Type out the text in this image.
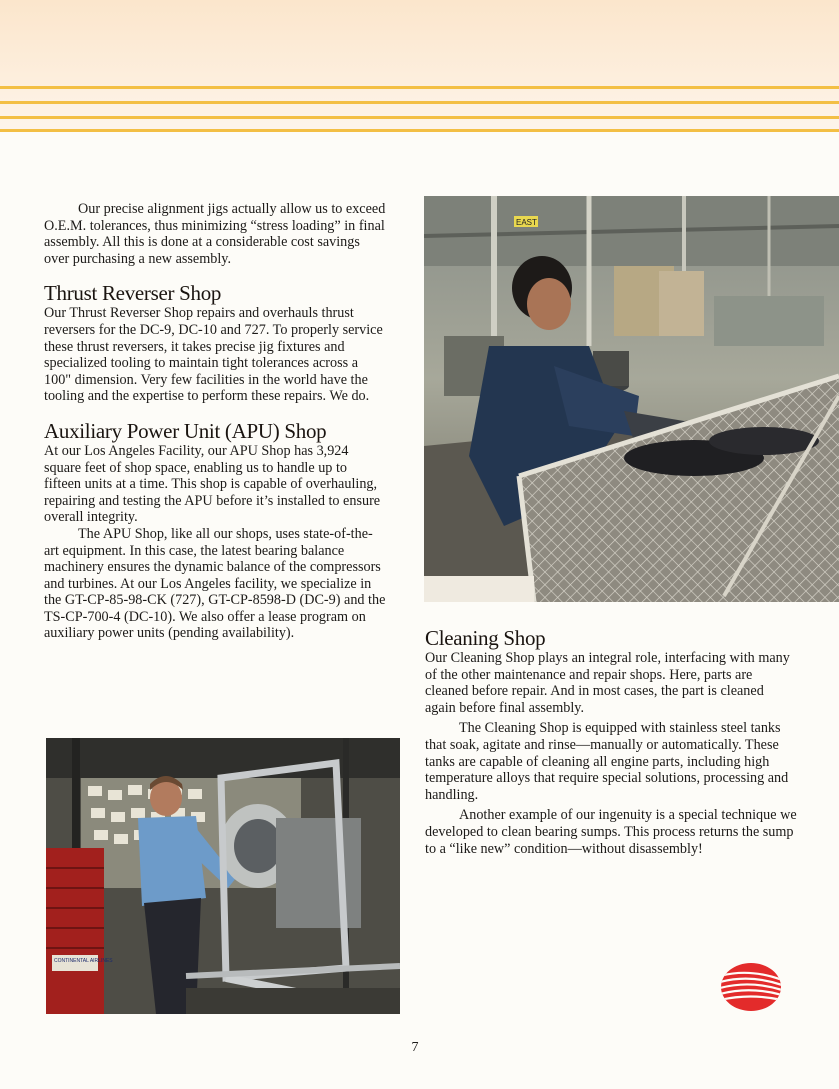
Our precise alignment jigs actually allow us to exceed O.E.M. tolerances, thus minimizing “stress loading” in final assembly. All this is done at a considerable cost savings over purchasing a new assembly.

Thrust Reverser Shop

Our Thrust Reverser Shop repairs and overhauls thrust reversers for the DC-9, DC-10 and 727. To properly service these thrust reversers, it takes precise jig fixtures and specialized tooling to maintain tight tolerances across a 100" dimension. Very few facilities in the world have the tooling and the expertise to perform these repairs. We do.

Auxiliary Power Unit (APU) Shop

At our Los Angeles Facility, our APU Shop has 3,924 square feet of shop space, enabling us to handle up to fifteen units at a time. This shop is capable of overhauling, repairing and testing the APU before it’s installed to ensure overall integrity.

The APU Shop, like all our shops, uses state-of-the-art equipment. In this case, the latest bearing balance machinery ensures the dynamic balance of the compressors and turbines. At our Los Angeles facility, we specialize in the GT-CP-85-98-CK (727), GT-CP-8598-D (DC-9) and the TS-CP-700-4 (DC-10). We also offer a lease program on auxiliary power units (pending availability).	Cleaning Shop

Our Cleaning Shop plays an integral role, interfacing with many of the other maintenance and repair shops. Here, parts are cleaned before repair. And in most cases, the part is cleaned again before final assembly.

The Cleaning Shop is equipped with stainless steel tanks that soak, agitate and rinse—manually or automatically. These tanks are capable of cleaning all engine parts, including high temperature alloys that require special solutions, processing and handling.

Another example of our ingenuity is a special technique we developed to clean bearing sumps. This process returns the sump to a “like new” condition—without disassembly!

EAST
CONTINENTAL AIRLINES
7
